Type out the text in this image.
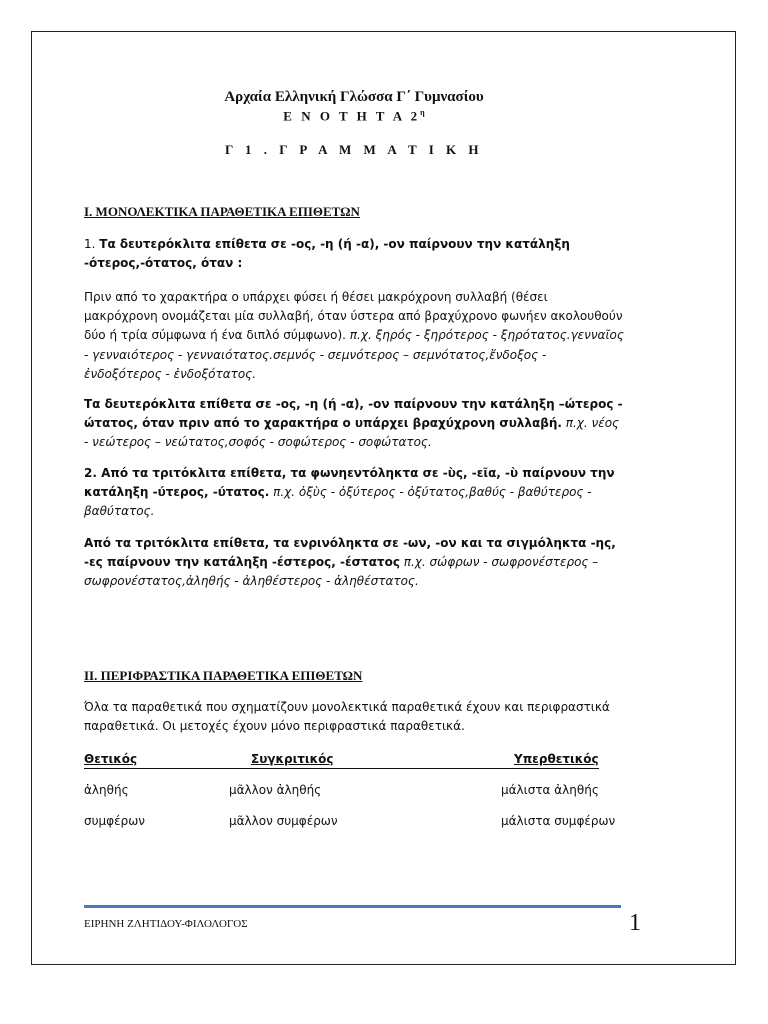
Αρχαία Ελληνική Γλώσσα Γ΄ Γυμνασίου
Ε Ν Ο Τ Η Τ Α $2^\eta$
Γ 1 . Γ Ρ Α Μ Μ Α Τ Ι Κ Η
Ι. ΜΟΝΟΛΕΚΤΙΚΑ ΠΑΡΑΘΕΤΙΚΑ ΕΠΙΘΕΤΩΝ
1. Τα δευτερόκλιτα επίθετα σε -ος, -η (ή -α), -ον παίρνουν την κατάληξη -ότερος,-ότατος, όταν :
Πριν από το χαρακτήρα ο υπάρχει φύσει ή θέσει μακρόχρονη συλλαβή (θέσει μακρόχρονη ονομάζεται μία συλλαβή, όταν ύστερα από βραχύχρονο φωνήεν ακολουθούν δύο ή τρία σύμφωνα ή ένα διπλό σύμφωνο). π.χ. ξηρός - ξηρότερος - ξηρότατος.γενναῖος - γενναιότερος - γενναιότατος.σεμνός - σεμνότερος – σεμνότατος,ἔνδοξος - ἐνδοξότερος - ἐνδοξότατος.
Τα δευτερόκλιτα επίθετα σε -ος, -η (ή -α), -ον παίρνουν την κατάληξη –ώτερος - ώτατος, όταν πριν από το χαρακτήρα ο υπάρχει βραχύχρονη συλλαβή. π.χ. νέος - νεώτερος – νεώτατος,σοφός - σοφώτερος - σοφώτατος.
2. Από τα τριτόκλιτα επίθετα, τα φωνηεντόληκτα σε -ὺς, -εῖα, -ὺ παίρνουν την κατάληξη -ύτερος, -ύτατος. π.χ. ὀξὺς - ὀξύτερος - ὀξύτατος,βαθύς - βαθύτερος - βαθύτατος.
Από τα τριτόκλιτα επίθετα, τα ενρινόληκτα σε -ων, -ον και τα σιγμόληκτα -ης, -ες παίρνουν την κατάληξη -έστερος, -έστατος π.χ. σώφρων - σωφρονέστερος – σωφρονέστατος,ἀληθής - ἀληθέστερος - ἀληθέστατος.
ΙΙ. ΠΕΡΙΦΡΑΣΤΙΚΑ ΠΑΡΑΘΕΤΙΚΑ ΕΠΙΘΕΤΩΝ
Όλα τα παραθετικά που σχηματίζουν μονολεκτικά παραθετικά έχουν και περιφραστικά παραθετικά. Οι μετοχές έχουν μόνο περιφραστικά παραθετικά.
Θετικός	Συγκριτικός	Υπερθετικός
ἀληθής	μᾶλλον ἀληθής	μάλιστα ἀληθής
συμφέρων	μᾶλλον συμφέρων	μάλιστα συμφέρων
ΕΙΡΗΝΗ ΖΛΗΤΙΔΟΥ-ΦΙΛΟΛΟΓΟΣ	1
